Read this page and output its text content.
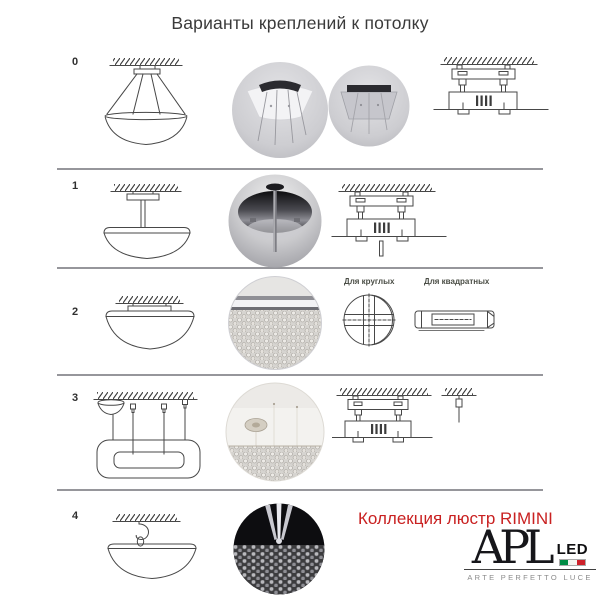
Варианты креплений к потолку
0
1
2
Для круглых	Для квадратных
3
4	Коллекция люстр RIMINI
APL LED
ARTE PERFETTO LUCE
